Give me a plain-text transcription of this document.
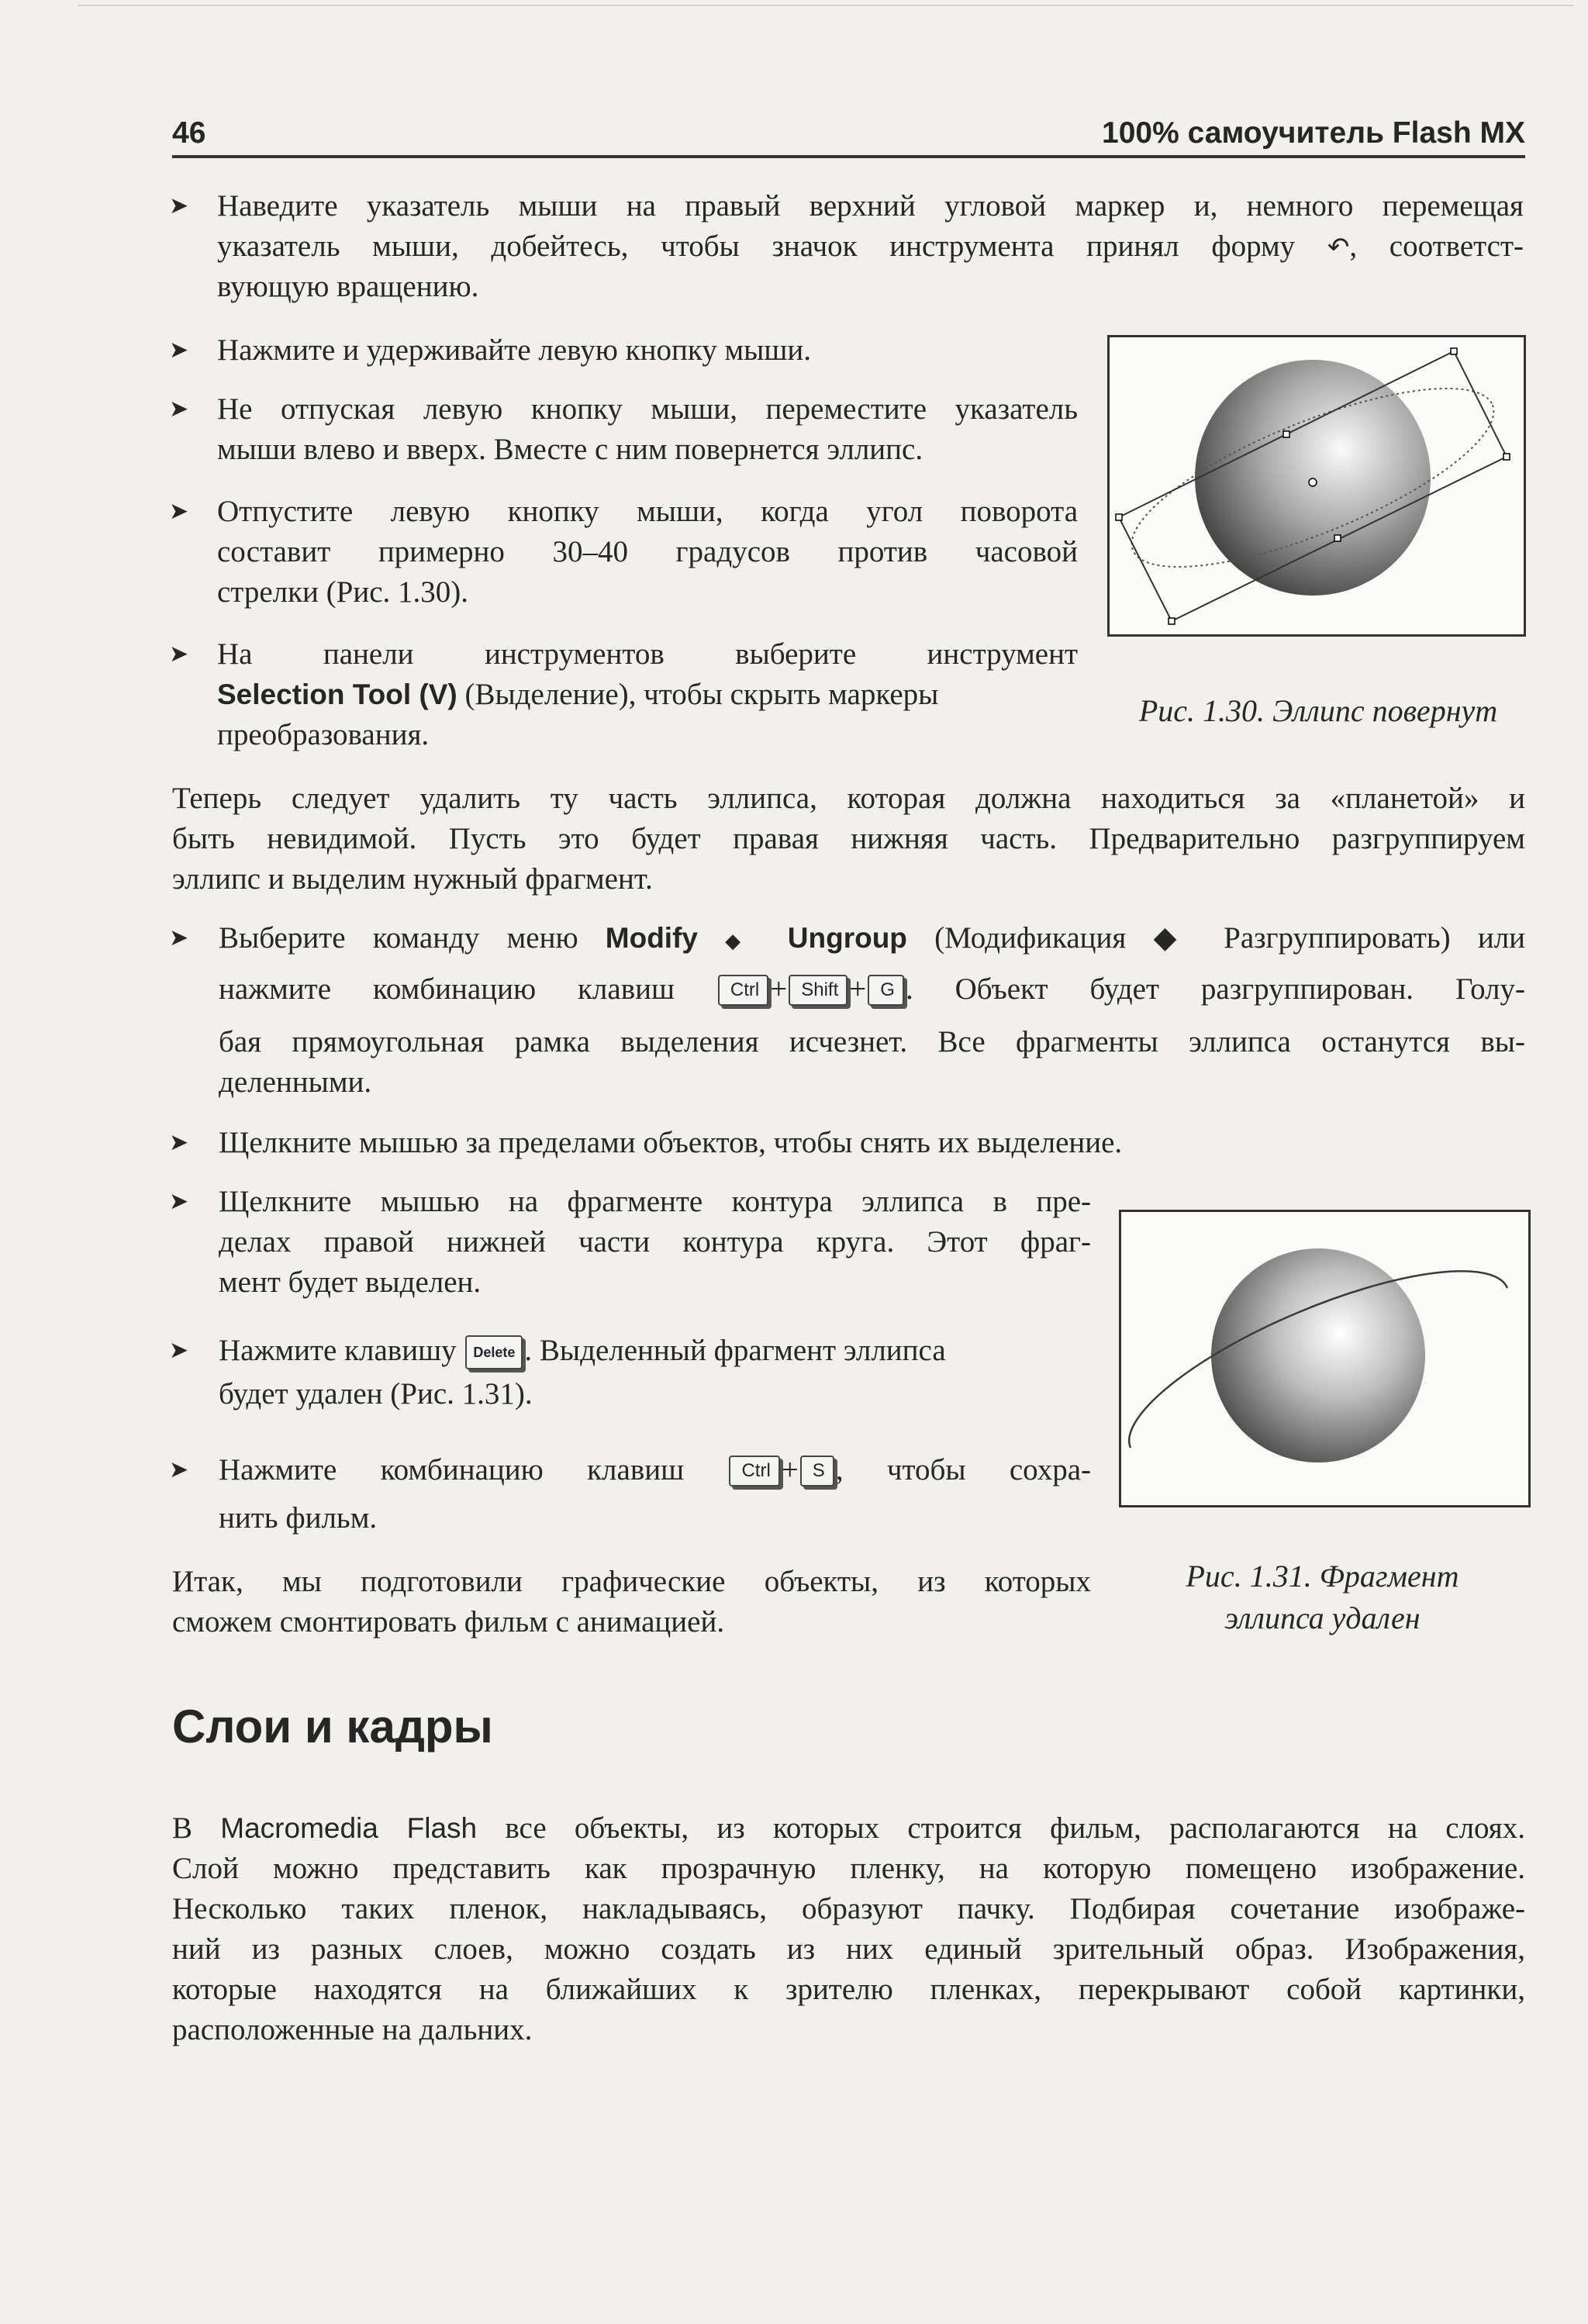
46	100% самоучитель Flash MX
➤ Наведите указатель мыши на правый верхний угловой маркер и, немного перемещая

указатель мыши, добейтесь, чтобы значок инструмента принял форму ↶, соответст-

вующую вращению.

➤ Нажмите и удерживайте левую кнопку мыши.

➤ Не отпуская левую кнопку мыши, переместите указатель

мыши влево и вверх. Вместе с ним повернется эллипс.

➤ Отпустите левую кнопку мыши, когда угол поворота

составит примерно 30–40 градусов против часовой

стрелки (Рис. 1.30).

➤ На панели инструментов выберите инструмент

Selection Tool (V) (Выделение), чтобы скрыть маркеры

преобразования.

Рис. 1.30. Эллипс повернут

Теперь следует удалить ту часть эллипса, которая должна находиться за «планетой» и

быть невидимой. Пусть это будет правая нижняя часть. Предварительно разгруппируем

эллипс и выделим нужный фрагмент.

➤ Выберите команду меню Modify ◆ Ungroup (Модификация ◆ Разгруппировать) или

нажмите комбинацию клавиш	Ctrl + Shift + G . Объект будет разгруппирован. Голу-

бая прямоугольная рамка выделения исчезнет. Все фрагменты эллипса останутся вы-

деленными.

➤ Щелкните мышью за пределами объектов, чтобы снять их выделение.

➤ Щелкните мышью на фрагменте контура эллипса в пре-

делах правой нижней части контура круга. Этот фраг-

мент будет выделен.

➤ Нажмите клавишу Delete . Выделенный фрагмент эллипса

будет удален (Рис. 1.31).

➤ Нажмите комбинацию клавиш	Ctrl + S , чтобы сохра-

нить фильм.

Итак, мы подготовили графические объекты, из которых

сможем смонтировать фильм с анимацией.

Рис. 1.31. Фрагмент

эллипса удален

Слои и кадры

В Macromedia Flash все объекты, из которых строится фильм, располагаются на слоях.

Слой можно представить как прозрачную пленку, на которую помещено изображение.

Несколько таких пленок, накладываясь, образуют пачку. Подбирая сочетание изображе-

ний из разных слоев, можно создать из них единый зрительный образ. Изображения,

которые находятся на ближайших к зрителю пленках, перекрывают собой картинки,

расположенные на дальних.
